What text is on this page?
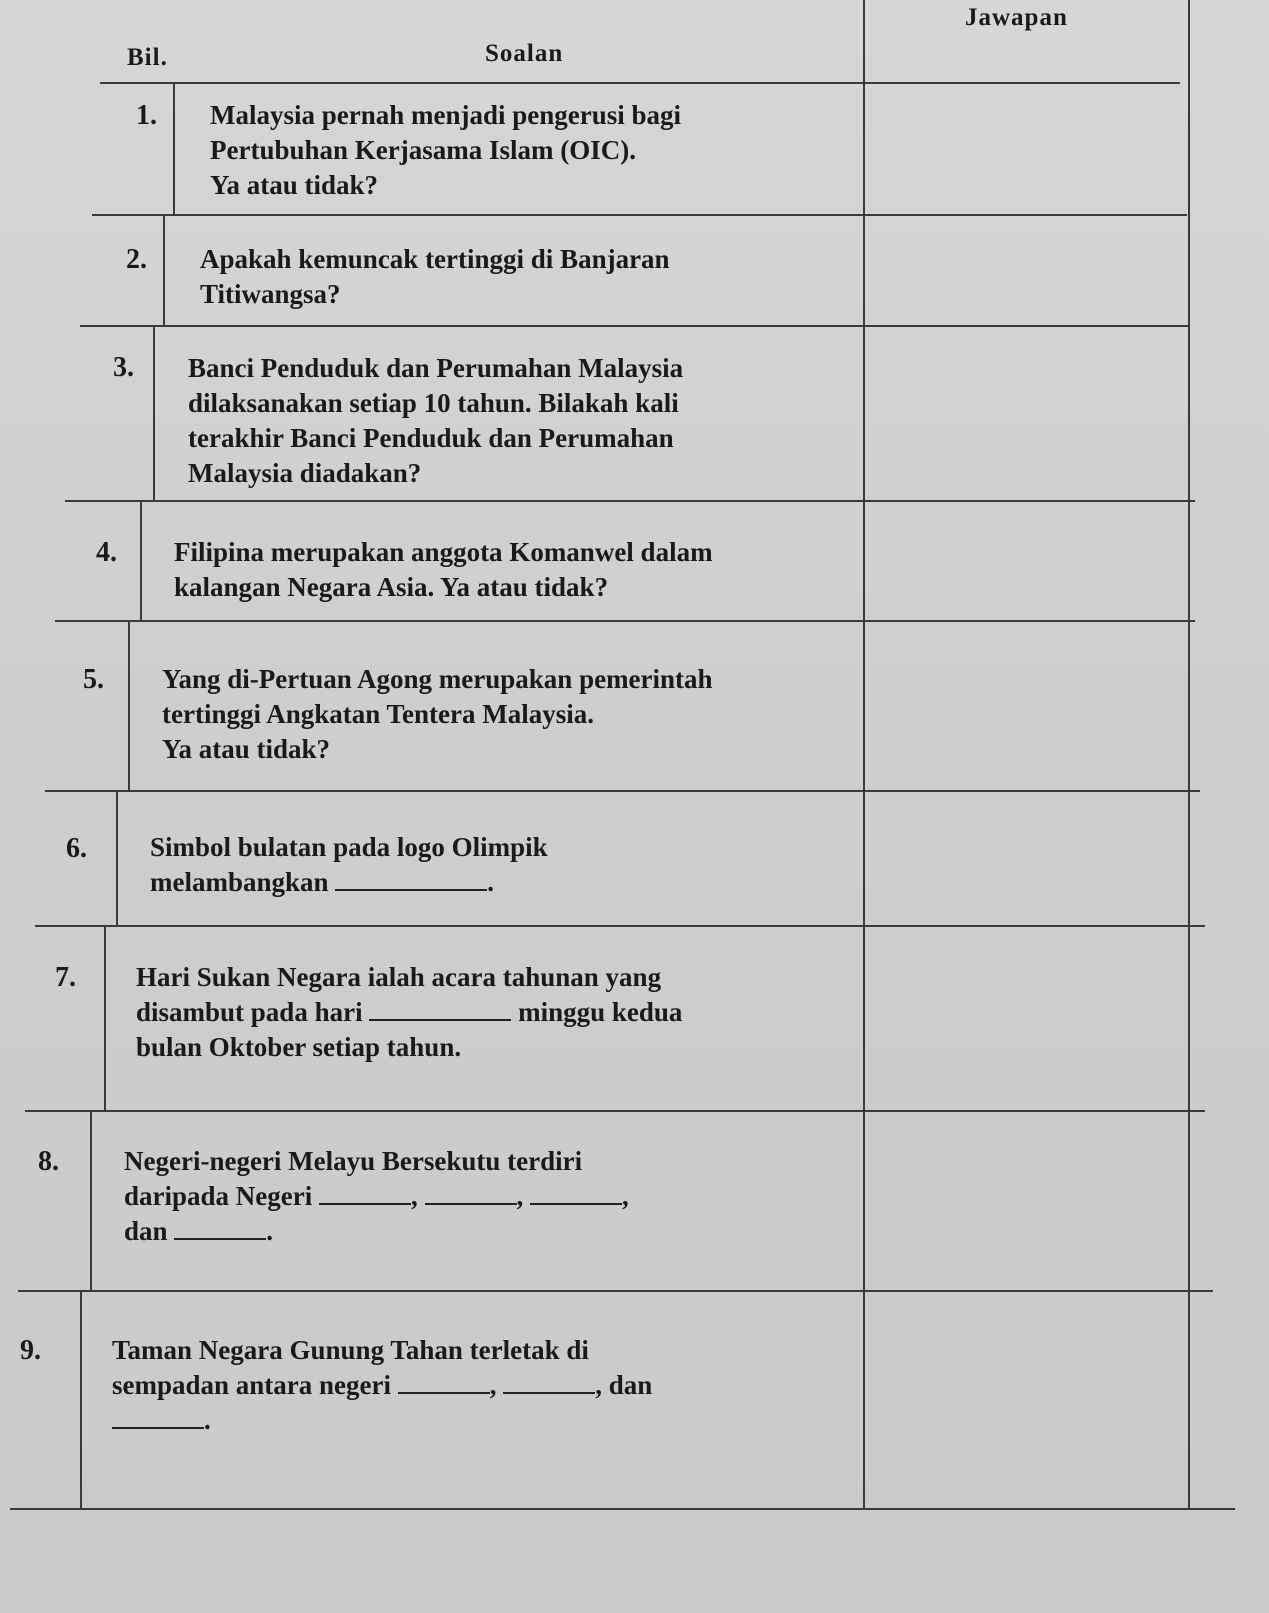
Bil.	Soalan
Jawapan
1. Malaysia pernah menjadi pengerusi bagi
Pertubuhan Kerjasama Islam (OIC).
Ya atau tidak?
2. Apakah kemuncak tertinggi di Banjaran
Titiwangsa?
3. Banci Penduduk dan Perumahan Malaysia
dilaksanakan setiap 10 tahun. Bilakah kali
terakhir Banci Penduduk dan Perumahan
Malaysia diadakan?
4. Filipina merupakan anggota Komanwel dalam
kalangan Negara Asia. Ya atau tidak?
5. Yang di-Pertuan Agong merupakan pemerintah
tertinggi Angkatan Tentera Malaysia.
Ya atau tidak?
6. Simbol bulatan pada logo Olimpik
melambangkan	.
7. Hari Sukan Negara ialah acara tahunan yang
disambut pada hari	minggu kedua
bulan Oktober setiap tahun.
8. Negeri-negeri Melayu Bersekutu terdiri
daripada Negeri	,	,	,
dan	.
9.	Taman Negara Gunung Tahan terletak di
sempadan antara negeri	,	, dan
.
